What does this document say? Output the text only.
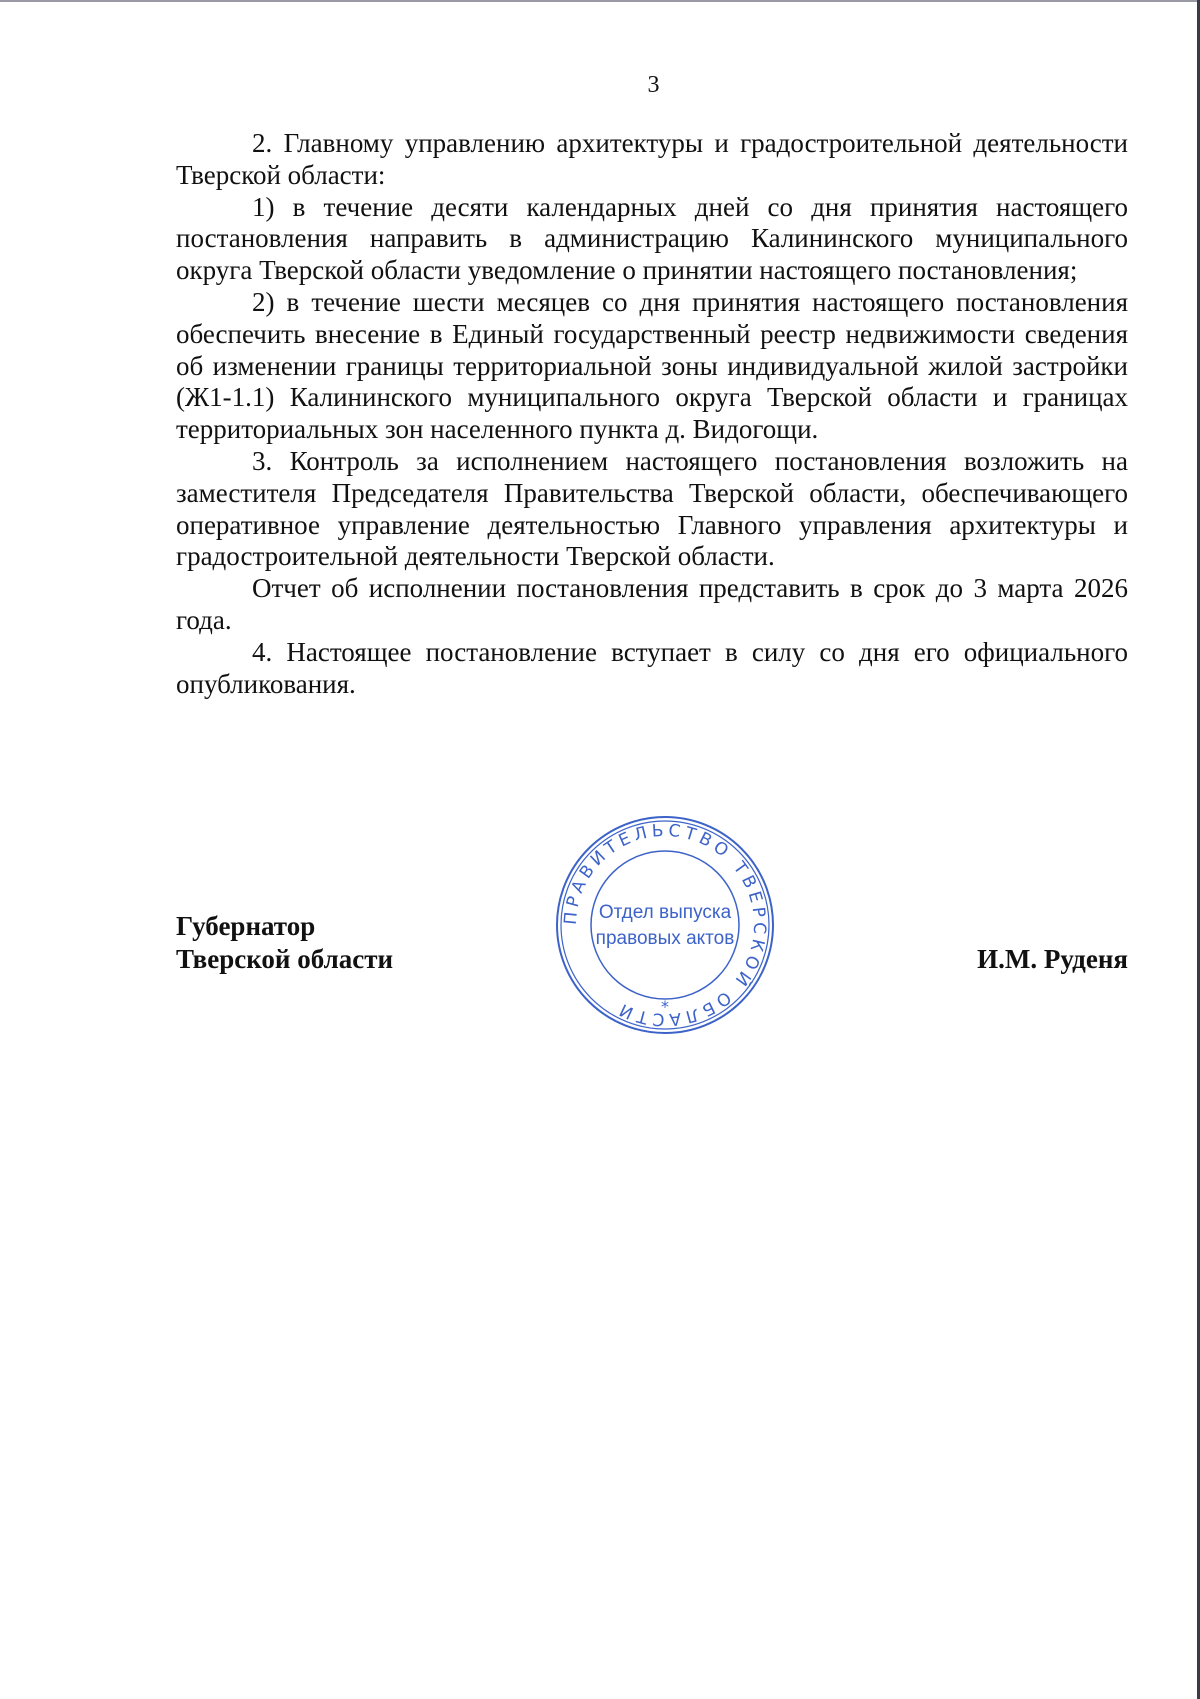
3

2. Главному управлению архитектуры и градостроительной деятельности Тверской области:

1) в течение десяти календарных дней со дня принятия настоящего постановления направить в администрацию Калининского муниципального округа Тверской области уведомление о принятии настоящего постановления;

2) в течение шести месяцев со дня принятия настоящего постановления обеспечить внесение в Единый государственный реестр недвижимости сведения об изменении границы территориальной зоны индивидуальной жилой застройки (Ж1-1.1) Калининского муниципального округа Тверской области и границах территориальных зон населенного пункта д. Видогощи.

3. Контроль за исполнением настоящего постановления возложить на заместителя Председателя Правительства Тверской области, обеспечивающего оперативное управление деятельностью Главного управления архитектуры и градостроительной деятельности Тверской области.

Отчет об исполнении постановления представить в срок до 3 марта 2026 года.

4. Настоящее постановление вступает в силу со дня его официального опубликования.

ПРАВИТЕЛЬСТВО ТВЕРСКОЙ ОБЛАСТИ
Отдел выпуска
правовых актов
*
Губернатор
Тверской области	И.М. Руденя
